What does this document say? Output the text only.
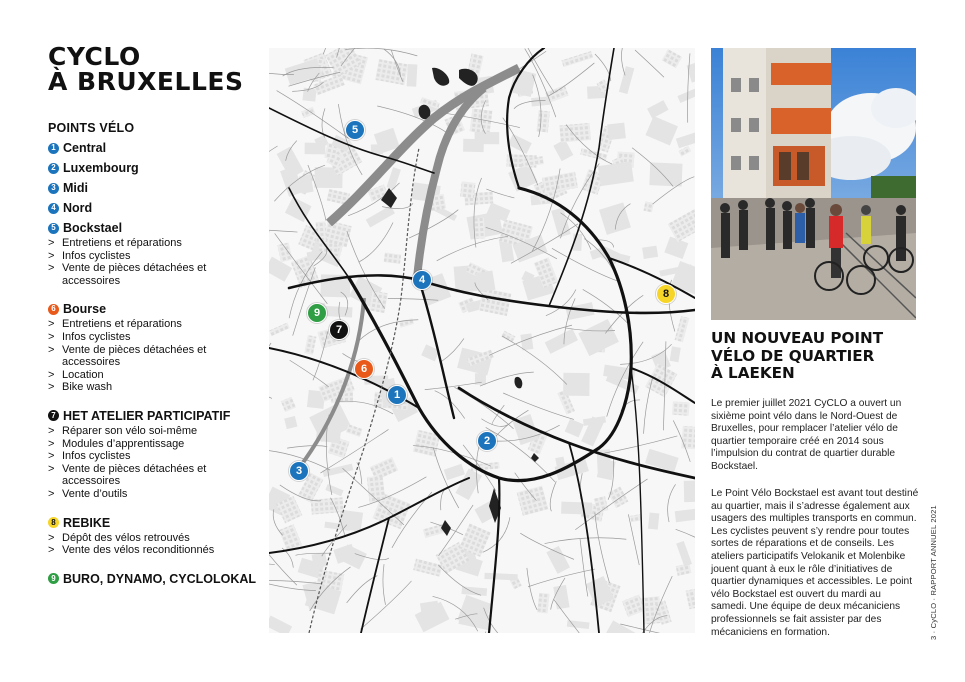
CYCLO
À BRUXELLES
POINTS VÉLO
1 Central
2 Luxembourg
3 Midi
4 Nord
5 Bockstael
> Entretiens et réparations
> Infos cyclistes
> Vente de pièces détachées et accessoires
6 Bourse
> Entretiens et réparations
> Infos cyclistes
> Vente de pièces détachées et accessoires
> Location
> Bike wash
7 HET ATELIER PARTICIPATIF
> Réparer son vélo soi-même
> Modules d’apprentissage
> Infos cyclistes
> Vente de pièces détachées et accessoires
> Vente d’outils
8 REBIKE
> Dépôt des vélos retrouvés
> Vente des vélos reconditionnés
9 BURO, DYNAMO, CYCLOLOKAL
1
2
3
4
5
6
7
8
9
UN NOUVEAU POINT
VÉLO DE QUARTIER
À LAEKEN

Le premier juillet 2021 CyCLO a ouvert un sixième point vélo dans le Nord-Ouest de Bruxelles, pour remplacer l’atelier vélo de quartier temporaire créé en 2014 sous l’impulsion du contrat de quartier durable Bockstael.

Le Point Vélo Bockstael est avant tout destiné au quartier, mais il s’adresse également aux usagers des multiples transports en commun. Les cyclistes peuvent s’y rendre pour toutes sortes de réparations et de conseils. Les ateliers participatifs Velokanik et Molenbike jouent quant à eux le rôle d’initiatives de quartier dynamiques et accessibles. Le point vélo Bockstael est ouvert du mardi au samedi. Une équipe de deux mécaniciens professionnels se fait assister par des mécaniciens en formation.	3 · CyCLO · RAPPORT ANNUEL 2021
